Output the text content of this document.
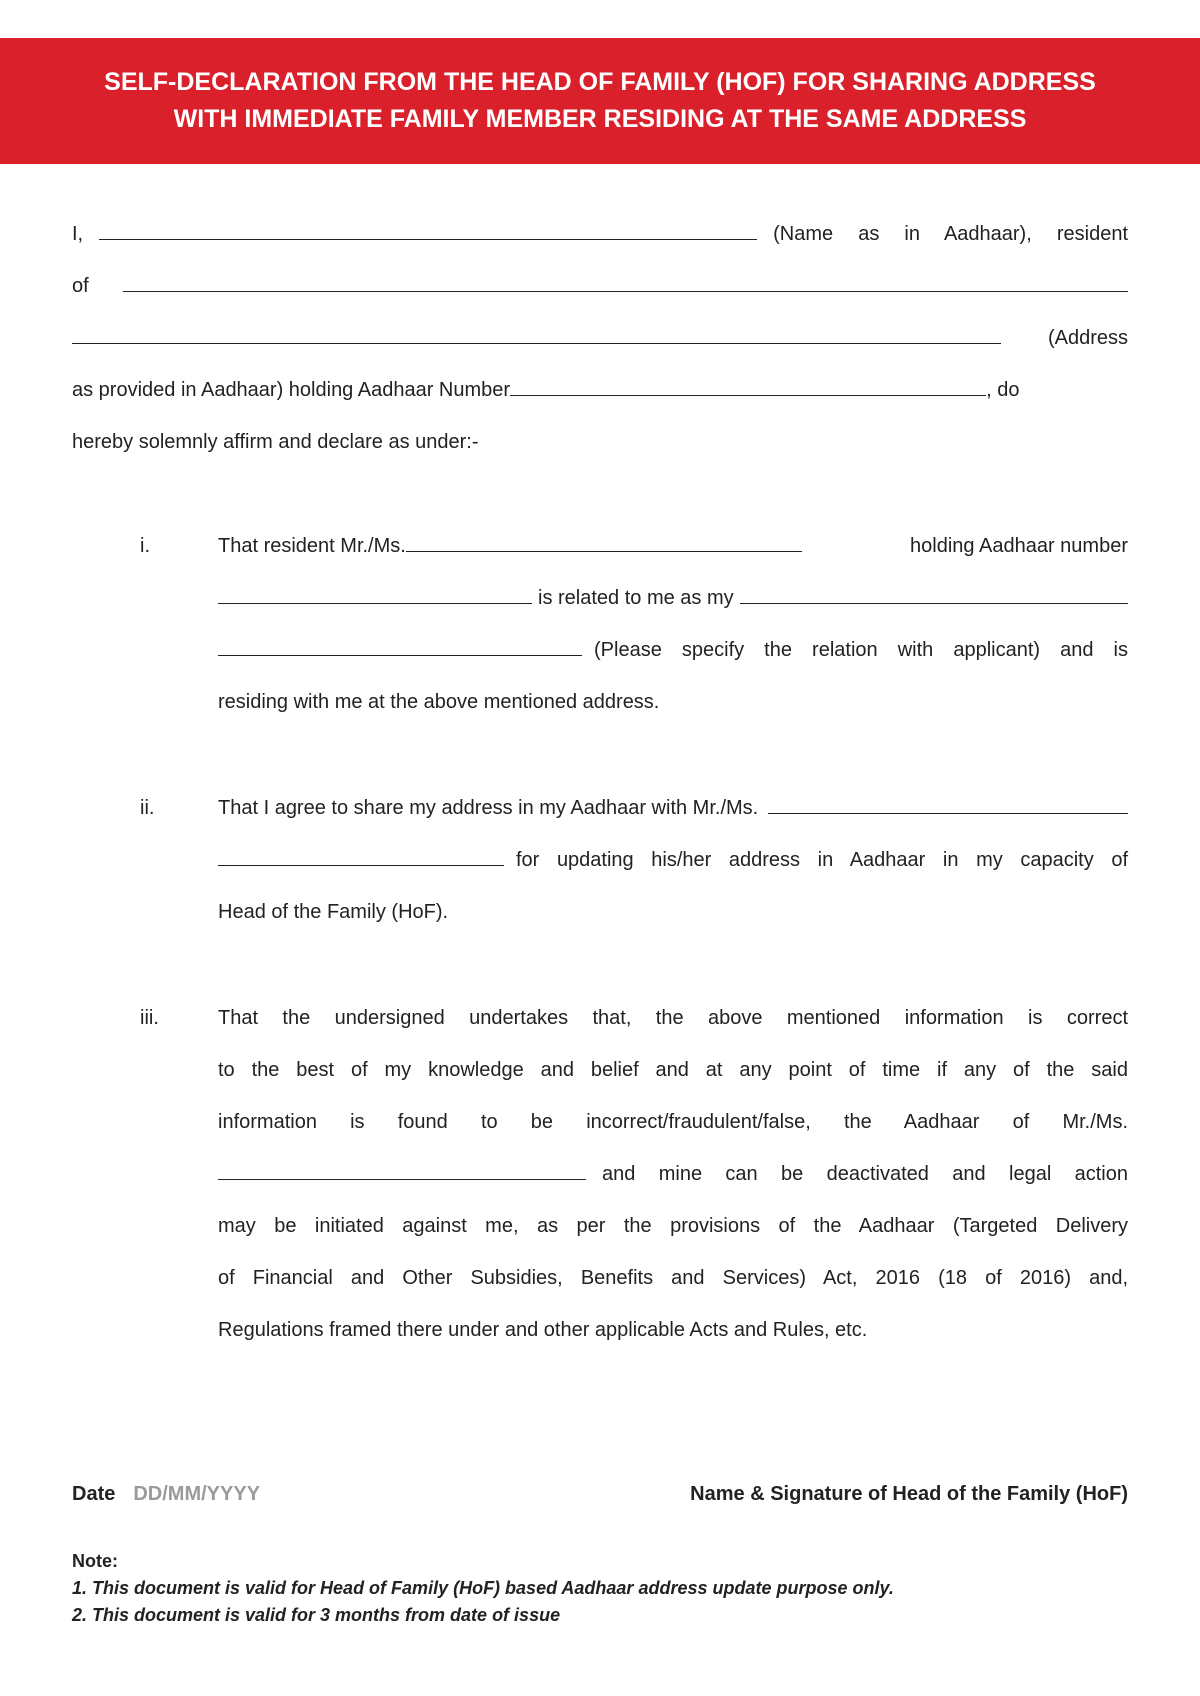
SELF-DECLARATION FROM THE HEAD OF FAMILY (HOF) FOR SHARING ADDRESS
WITH IMMEDIATE FAMILY MEMBER RESIDING AT THE SAME ADDRESS
I,	(Name as in Aadhaar), resident
of
(Address
as provided in Aadhaar) holding Aadhaar Number	, do
hereby solemnly affirm and declare as under:-
i.	That resident Mr./Ms.	holding Aadhaar number
is related to me as my
(Please specify the relation with applicant) and is
residing with me at the above mentioned address.
ii.	That I agree to share my address in my Aadhaar with Mr./Ms.
for updating his/her address in Aadhaar in my capacity of
Head of the Family (HoF).
iii.	That the undersigned undertakes that, the above mentioned information is correct
to the best of my knowledge and belief and at any point of time if any of the said
information is found to be incorrect/fraudulent/false, the Aadhaar of Mr./Ms.
and mine can be deactivated and legal action
may be initiated against me, as per the provisions of the Aadhaar (Targeted Delivery
of Financial and Other Subsidies, Benefits and Services) Act, 2016 (18 of 2016) and,
Regulations framed there under and other applicable Acts and Rules, etc.
Date DD/MM/YYYY	Name & Signature of Head of the Family (HoF)
Note:
1. This document is valid for Head of Family (HoF) based Aadhaar address update purpose only.
2. This document is valid for 3 months from date of issue
